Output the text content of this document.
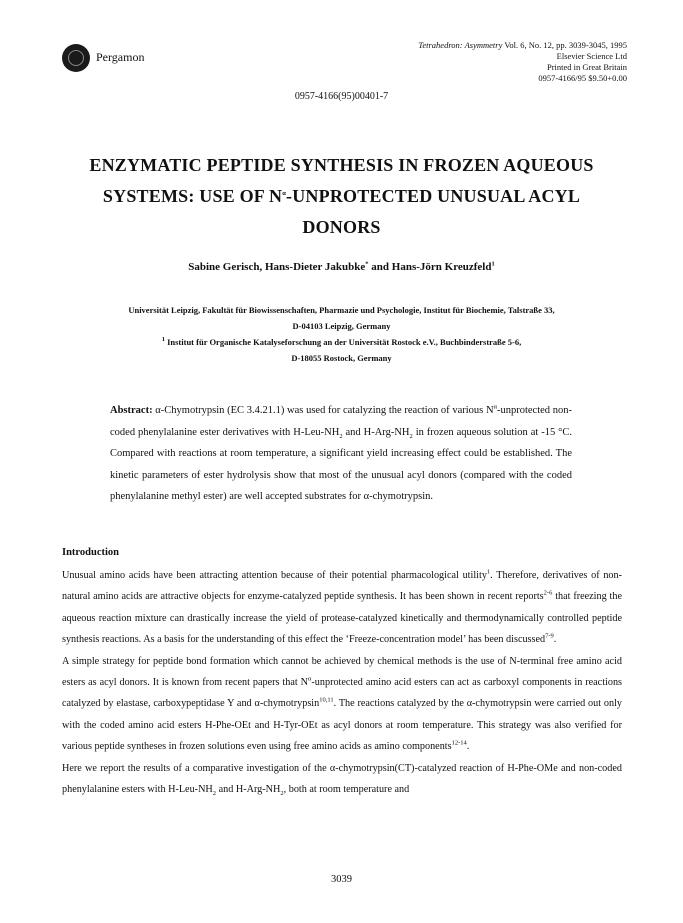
Pergamon
Tetrahedron: Asymmetry Vol. 6, No. 12, pp. 3039-3045, 1995
Elsevier Science Ltd
Printed in Great Britain
0957-4166/95 $9.50+0.00
0957-4166(95)00401-7
ENZYMATIC PEPTIDE SYNTHESIS IN FROZEN AQUEOUS
SYSTEMS: USE OF $N^\alpha$-UNPROTECTED UNUSUAL ACYL
DONORS
Sabine Gerisch, Hans-Dieter Jakubke* and Hans-Jörn Kreuzfeld$^1$
Universität Leipzig, Fakultät für Biowissenschaften, Pharmazie und Psychologie, Institut für Biochemie, Talstraße 33,
D-04103 Leipzig, Germany
$^1$ Institut für Organische Katalyseforschung an der Universität Rostock e.V., Buchbinderstraße 5-6,
D-18055 Rostock, Germany
Abstract: α-Chymotrypsin (EC 3.4.21.1) was used for catalyzing the reaction of various $N^\alpha$-unprotected non-coded phenylalanine ester derivatives with $H-Leu-NH_2$ and $H-Arg-NH_2$ in frozen aqueous solution at -15 °C. Compared with reactions at room temperature, a significant yield increasing effect could be established. The kinetic parameters of ester hydrolysis show that most of the unusual acyl donors (compared with the coded phenylalanine methyl ester) are well accepted substrates for α-chymotrypsin.
Introduction

Unusual amino acids have been attracting attention because of their potential pharmacological utility$^1$. Therefore, derivatives of non-natural amino acids are attractive objects for enzyme-catalyzed peptide synthesis. It has been shown in recent reports$^{2-6}$ that freezing the aqueous reaction mixture can drastically increase the yield of protease-catalyzed kinetically and thermodynamically controlled peptide synthesis reactions. As a basis for the understanding of this effect the ‘Freeze-concentration model’ has been discussed$^{7-9}$.

A simple strategy for peptide bond formation which cannot be achieved by chemical methods is the use of N-terminal free amino acid esters as acyl donors. It is known from recent papers that $N^\alpha$-unprotected amino acid esters can act as carboxyl components in reactions catalyzed by elastase, carboxypeptidase Y and α-chymotrypsin$^{10,11}$. The reactions catalyzed by the α-chymotrypsin were carried out only with the coded amino acid esters H-Phe-OEt and H-Tyr-OEt as acyl donors at room temperature. This strategy was also verified for various peptide syntheses in frozen solutions even using free amino acids as amino components$^{12-14}$.

Here we report the results of a comparative investigation of the α-chymotrypsin(CT)-catalyzed reaction of H-Phe-OMe and non-coded phenylalanine esters with $H-Leu-NH_2$ and $H-Arg-NH_2$, both at room temperature and

3039
